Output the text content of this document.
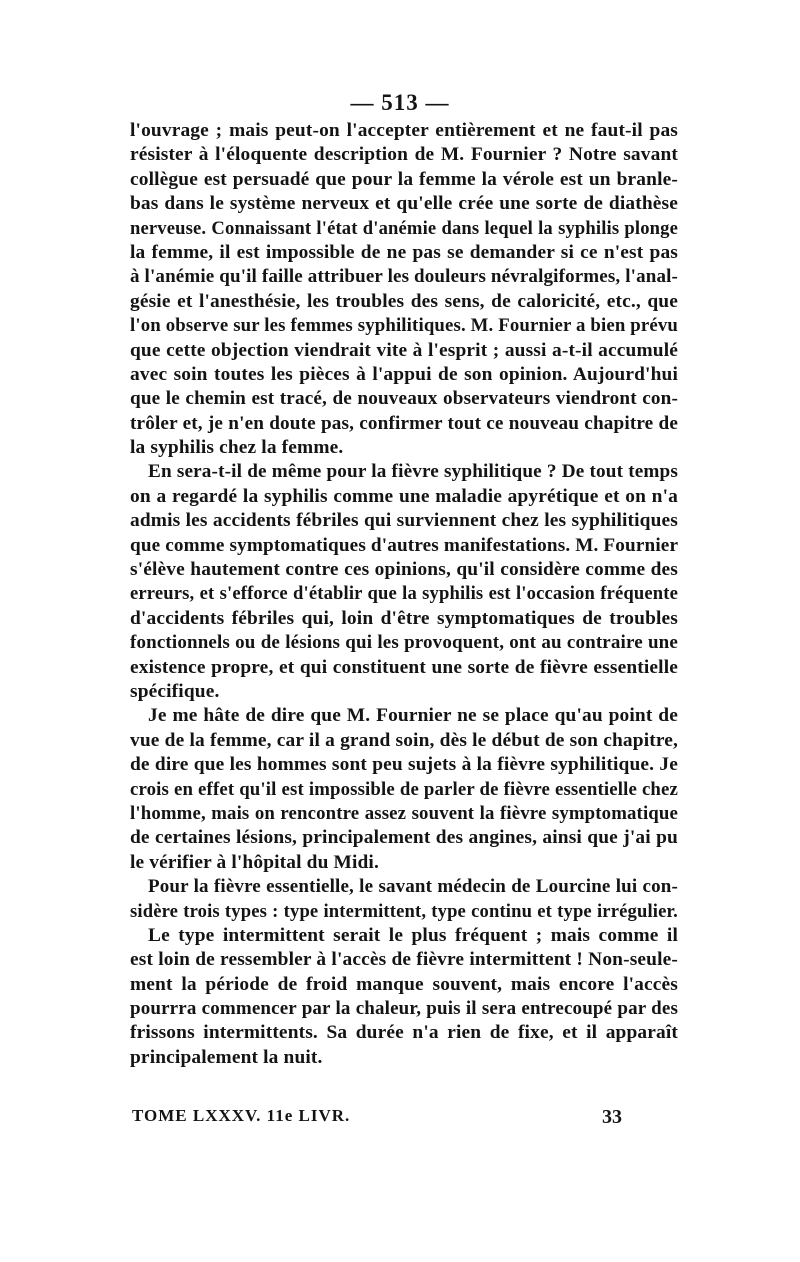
— 513 —
l'ouvrage ; mais peut-on l'accepter entièrement et ne faut-il pas
résister à l'éloquente description de M. Fournier ? Notre savant
collègue est persuadé que pour la femme la vérole est un branle-
bas dans le système nerveux et qu'elle crée une sorte de diathèse
nerveuse. Connaissant l'état d'anémie dans lequel la syphilis plonge
la femme, il est impossible de ne pas se demander si ce n'est pas
à l'anémie qu'il faille attribuer les douleurs névralgiformes, l'anal-
gésie et l'anesthésie, les troubles des sens, de caloricité, etc., que
l'on observe sur les femmes syphilitiques. M. Fournier a bien prévu
que cette objection viendrait vite à l'esprit ; aussi a-t-il accumulé
avec soin toutes les pièces à l'appui de son opinion. Aujourd'hui
que le chemin est tracé, de nouveaux observateurs viendront con-
trôler et, je n'en doute pas, confirmer tout ce nouveau chapitre de
la syphilis chez la femme.
En sera-t-il de même pour la fièvre syphilitique ? De tout temps
on a regardé la syphilis comme une maladie apyrétique et on n'a
admis les accidents fébriles qui surviennent chez les syphilitiques
que comme symptomatiques d'autres manifestations. M. Fournier
s'élève hautement contre ces opinions, qu'il considère comme des
erreurs, et s'efforce d'établir que la syphilis est l'occasion fréquente
d'accidents fébriles qui, loin d'être symptomatiques de troubles
fonctionnels ou de lésions qui les provoquent, ont au contraire une
existence propre, et qui constituent une sorte de fièvre essentielle
spécifique.
Je me hâte de dire que M. Fournier ne se place qu'au point de
vue de la femme, car il a grand soin, dès le début de son chapitre,
de dire que les hommes sont peu sujets à la fièvre syphilitique. Je
crois en effet qu'il est impossible de parler de fièvre essentielle chez
l'homme, mais on rencontre assez souvent la fièvre symptomatique
de certaines lésions, principalement des angines, ainsi que j'ai pu
le vérifier à l'hôpital du Midi.
Pour la fièvre essentielle, le savant médecin de Lourcine lui con-
sidère trois types : type intermittent, type continu et type irrégulier.
Le type intermittent serait le plus fréquent ; mais comme il
est loin de ressembler à l'accès de fièvre intermittent ! Non-seule-
ment la période de froid manque souvent, mais encore l'accès
pourrra commencer par la chaleur, puis il sera entrecoupé par des
frissons intermittents. Sa durée n'a rien de fixe, et il apparaît
principalement la nuit.
TOME LXXXV. 11e LIVR.	33
